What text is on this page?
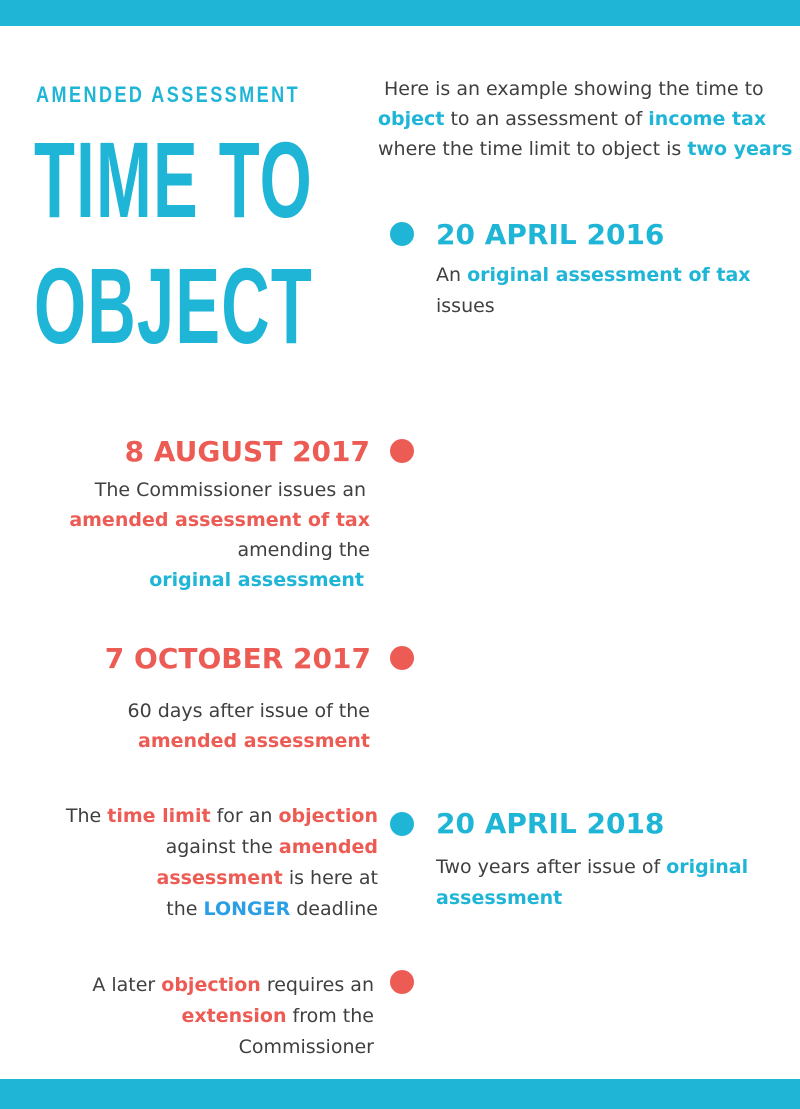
AMENDED ASSESSMENT
TIME TO
OBJECT
Here is an example showing the time to
object to an assessment of income tax
where the time limit to object is two years
20 APRIL 2016
An original assessment of tax
issues
8 AUGUST 2017
The Commissioner issues an
amended assessment of tax
amending the
original assessment
7 OCTOBER 2017
60 days after issue of the
amended assessment
The time limit for an objection
against the amended
assessment is here at
the LONGER deadline
20 APRIL 2018
Two years after issue of original
assessment
A later objection requires an
extension from the
Commissioner
